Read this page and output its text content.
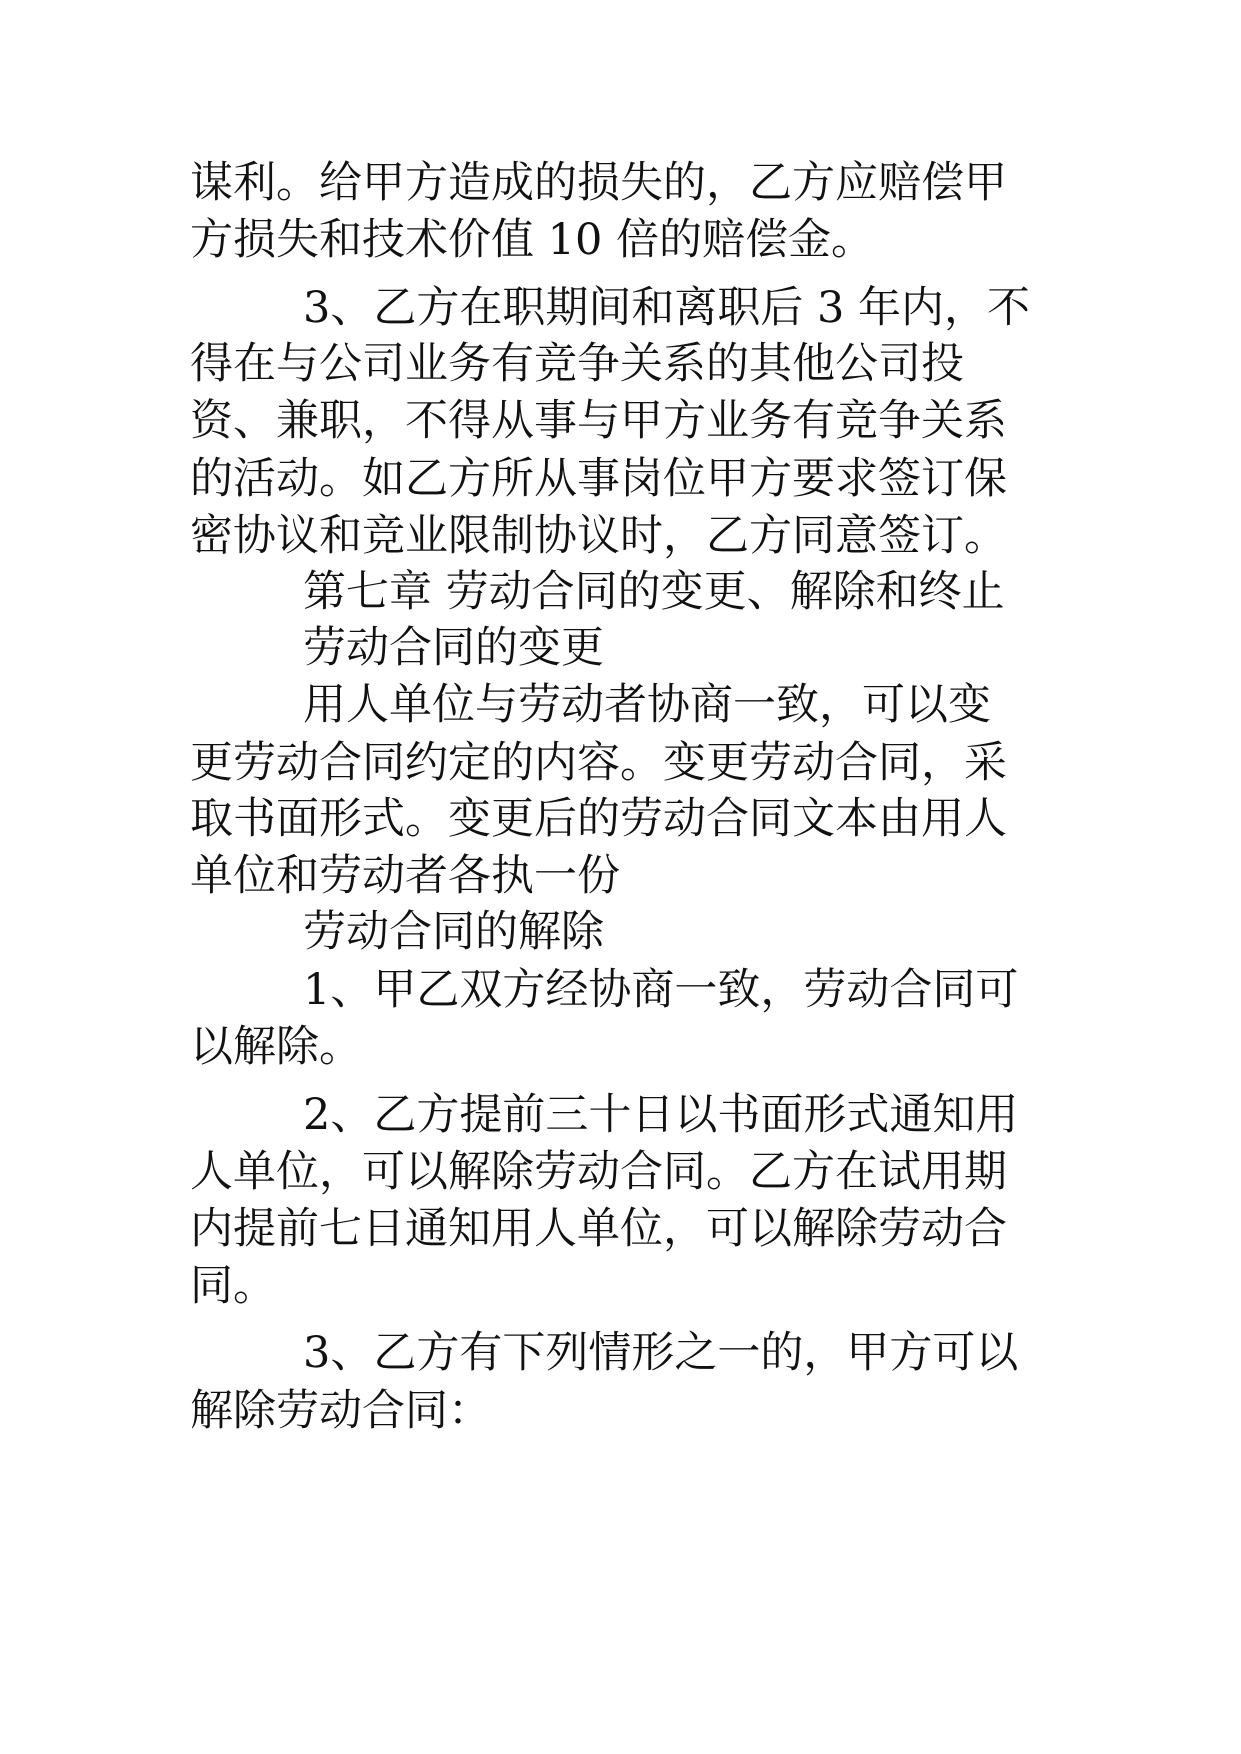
谋利。给甲方造成的损失的，乙方应赔偿甲

方损失和技术价值 10 倍的赔偿金。

3、乙方在职期间和离职后 3 年内，不

得在与公司业务有竞争关系的其他公司投

资、兼职，不得从事与甲方业务有竞争关系

的活动。如乙方所从事岗位甲方要求签订保

密协议和竞业限制协议时，乙方同意签订。

第七章 劳动合同的变更、解除和终止

劳动合同的变更

用人单位与劳动者协商一致，可以变

更劳动合同约定的内容。变更劳动合同，采

取书面形式。变更后的劳动合同文本由用人

单位和劳动者各执一份

劳动合同的解除

1、甲乙双方经协商一致，劳动合同可

以解除。

2、乙方提前三十日以书面形式通知用

人单位，可以解除劳动合同。乙方在试用期

内提前七日通知用人单位，可以解除劳动合

同。

3、乙方有下列情形之一的，甲方可以

解除劳动合同：
